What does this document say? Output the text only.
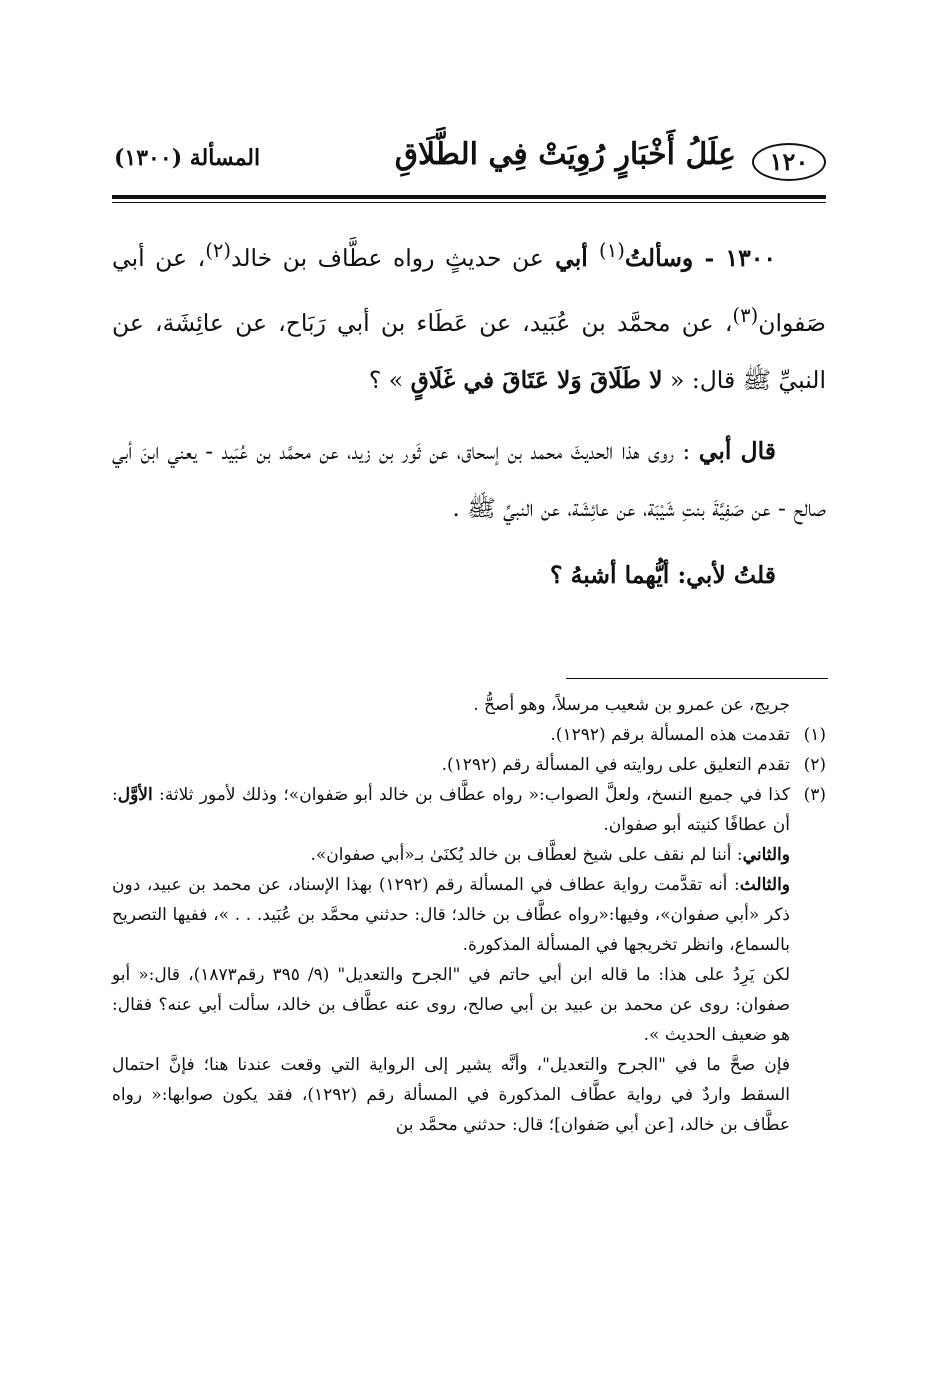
١٢٠
عِلَلُ أَخْبَارٍ رُوِيَتْ فِي الطَّلَاقِ
المسألة (١٣٠٠)

١٣٠٠ - وسألتُ$^{(١)}$ أبي عن حديثٍ رواه عطَّاف بن خالد$^{(٢)}$، عن أبي صَفوان$^{(٣)}$، عن محمَّد بن عُبَيد، عن عَطَاء بن أبي رَبَاح، عن عائِشَة، عن النبيِّ ﷺ قال: « لا طَلَاقَ وَلا عَتَاقَ في غَلَاقٍ » ؟

قال أبي : روى هذا الحديثَ محمد بن إسحاق، عن ثَور بن زيد، عن محمَّد بن عُبَيد - يعني ابنَ أبي صالح - عن صَفِيَّةَ بنتِ شَيْبَة، عن عائِشَة، عن النبيِّ ﷺ .

قلتُ لأبي: أيُّهما أشبهُ ؟

جريج، عن عمرو بن شعيب مرسلاً، وهو أصحُّ .

(١)
تقدمت هذه المسألة برقم (١٢٩٢).
(٢)
تقدم التعليق على روايته في المسألة رقم (١٢٩٢).
(٣)

كذا في جميع النسخ، ولعلَّ الصواب:« رواه عطَّاف بن خالد أبو صَفوان»؛ وذلك لأمور ثلاثة: الأوَّل: أن عطافًا كنيته أبو صفوان.

والثاني: أننا لم نقف على شيخ لعطَّاف بن خالد يُكنَىٰ بـ«أبي صفوان».

والثالث: أنه تقدَّمت رواية عطاف في المسألة رقم (١٢٩٢) بهذا الإسناد، عن محمد بن عبيد، دون ذكر «أبي صفوان»، وفيها:«رواه عطَّاف بن خالد؛ قال: حدثني محمَّد بن عُبَيد. . . »، ففيها التصريح بالسماع، وانظر تخريجها في المسألة المذكورة.

لكن يَرِدُ على هذا: ما قاله ابن أبي حاتم في "الجرح والتعديل" (٩/ ٣٩٥ رقم١٨٧٣)، قال:« أبو صفوان: روى عن محمد بن عبيد بن أبي صالح، روى عنه عطَّاف بن خالد، سألت أبي عنه؟ فقال: هو ضعيف الحديث ».

فإن صحَّ ما في "الجرح والتعديل"، وأنَّه يشير إلى الرواية التي وقعت عندنا هنا؛ فإنَّ احتمال السقط واردٌ في رواية عطَّاف المذكورة في المسألة رقم (١٢٩٢)، فقد يكون صوابها:« رواه عطَّاف بن خالد، [عن أبي صَفوان]؛ قال: حدثني محمَّد بن
